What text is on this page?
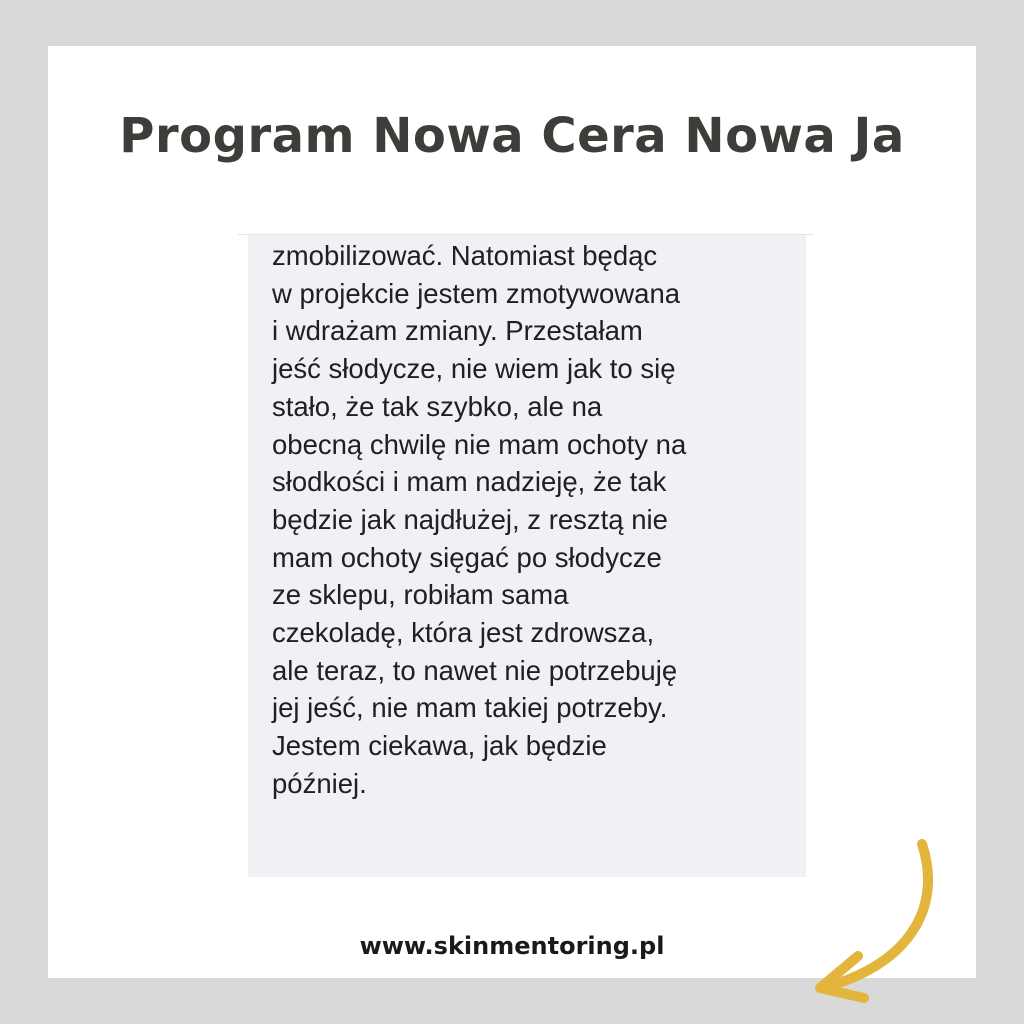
Program Nowa Cera Nowa Ja
zmobilizować. Natomiast będąc
w projekcie jestem zmotywowana
i wdrażam zmiany. Przestałam
jeść słodycze, nie wiem jak to się
stało, że tak szybko, ale na
obecną chwilę nie mam ochoty na
słodkości i mam nadzieję, że tak
będzie jak najdłużej, z resztą nie
mam ochoty sięgać po słodycze
ze sklepu, robiłam sama
czekoladę, która jest zdrowsza,
ale teraz, to nawet nie potrzebuję
jej jeść, nie mam takiej potrzeby.
Jestem ciekawa, jak będzie
później.
www.skinmentoring.pl
